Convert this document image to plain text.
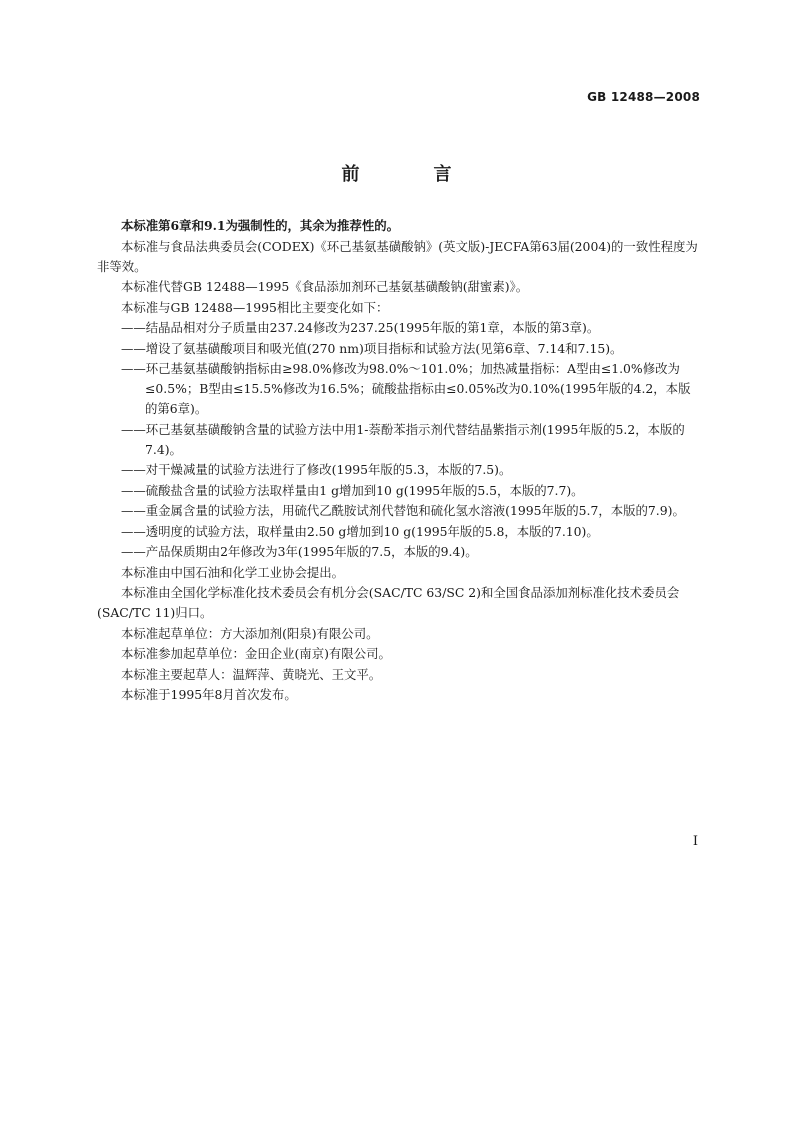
GB 12488—2008
前　言

本标准第6章和9.1为强制性的，其余为推荐性的。

本标准与食品法典委员会(CODEX)《环己基氨基磺酸钠》(英文版)-JECFA第63届(2004)的一致性程度为非等效。

本标准代替GB 12488—1995《食品添加剂环己基氨基磺酸钠(甜蜜素)》。

本标准与GB 12488—1995相比主要变化如下：

——结晶品相对分子质量由237.24修改为237.25(1995年版的第1章，本版的第3章)。

——增设了氨基磺酸项目和吸光值(270 nm)项目指标和试验方法(见第6章、7.14和7.15)。

——环己基氨基磺酸钠指标由≥98.0%修改为98.0%～101.0%；加热减量指标：A型由≤1.0%修改为≤0.5%；B型由≤15.5%修改为16.5%；硫酸盐指标由≤0.05%改为0.10%(1995年版的4.2，本版的第6章)。

——环己基氨基磺酸钠含量的试验方法中用1-萘酚苯指示剂代替结晶紫指示剂(1995年版的5.2，本版的7.4)。

——对干燥减量的试验方法进行了修改(1995年版的5.3，本版的7.5)。

——硫酸盐含量的试验方法取样量由1 g增加到10 g(1995年版的5.5，本版的7.7)。

——重金属含量的试验方法，用硫代乙酰胺试剂代替饱和硫化氢水溶液(1995年版的5.7，本版的7.9)。

——透明度的试验方法，取样量由2.50 g增加到10 g(1995年版的5.8，本版的7.10)。

——产品保质期由2年修改为3年(1995年版的7.5，本版的9.4)。

本标准由中国石油和化学工业协会提出。

本标准由全国化学标准化技术委员会有机分会(SAC/TC 63/SC 2)和全国食品添加剂标准化技术委员会(SAC/TC 11)归口。

本标准起草单位：方大添加剂(阳泉)有限公司。

本标准参加起草单位：金田企业(南京)有限公司。

本标准主要起草人：温辉萍、黄晓光、王文平。

本标准于1995年8月首次发布。

I
